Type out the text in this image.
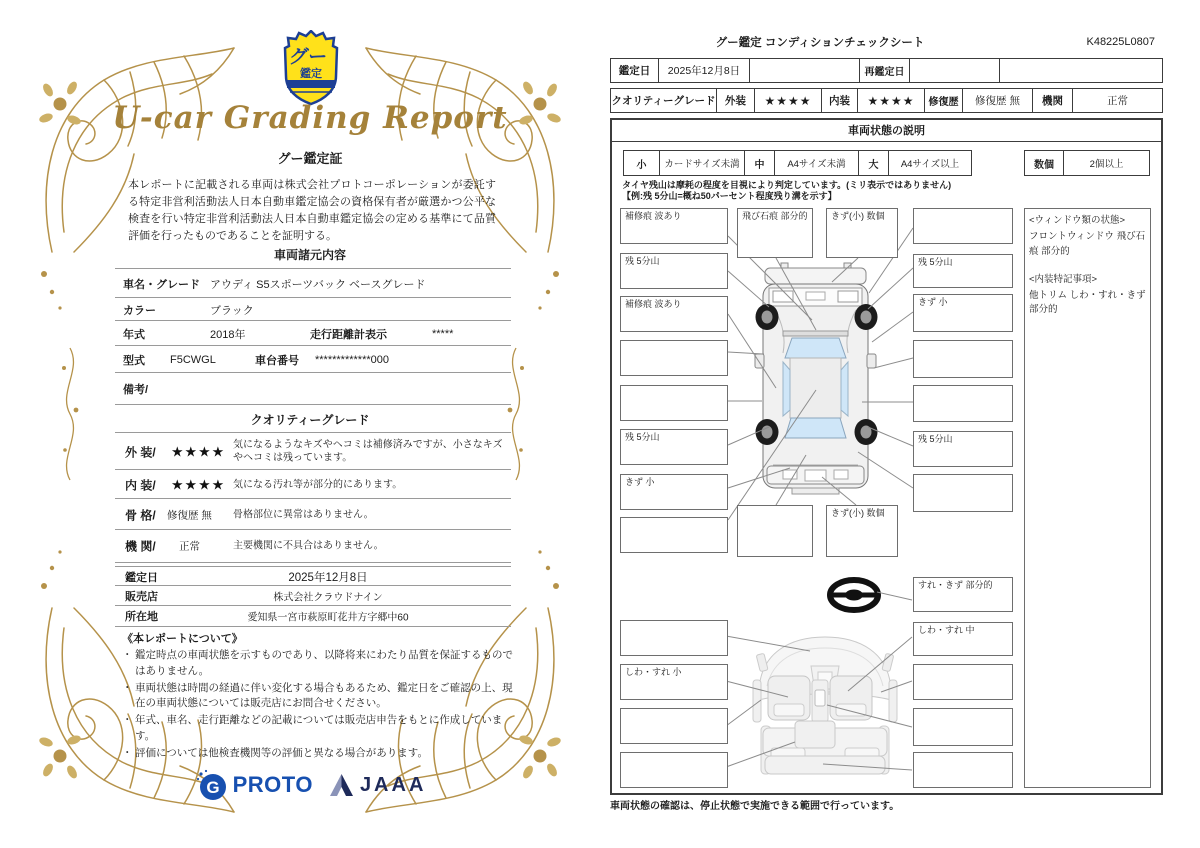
グー
鑑定
U-car Grading Report
グー鑑定証
本レポートに記載される車両は株式会社プロトコーポレーションが委託する特定非営利活動法人日本自動車鑑定協会の資格保有者が厳選かつ公平な検査を行い特定非営利活動法人日本自動車鑑定協会の定める基準にて品質評価を行ったものであることを証明する。
車両諸元内容
車名・グレード アウディ S5スポーツバック ベースグレード
カラー	ブラック
年式	2018年	走行距離計表示	*****
型式 F5CWGL	車台番号 *************000
備考/
クオリティーグレード
外 装/ ★★★★ 気になるようなキズやヘコミは補修済みですが、小さなキズやヘコミは残っています。
内 装/ ★★★★ 気になる汚れ等が部分的にあります。
骨 格/ 修復歴 無 骨格部位に異常はありません。
機 関/ 正常	主要機関に不具合はありません。
鑑定日	2025年12月8日
販売店	株式会社クラウドナイン
所在地	愛知県一宮市萩原町花井方字郷中60
《本レポートについて》
・ 鑑定時点の車両状態を示すものであり、以降将来にわたり品質を保証するものではありません。
・ 車両状態は時間の経過に伴い変化する場合もあるため、鑑定日をご確認の上、現在の車両状態については販売店にお問合せください。
・ 年式、車名、走行距離などの記載については販売店申告をもとに作成しています。
・ 評価については他検査機関等の評価と異なる場合があります。
G PROTO JAAA
グー鑑定 コンディションチェックシート	K48225L0807
鑑定日	2025年12月8日	再鑑定日
クオリティーグレード 外装	★★★★	内装	★★★★	修復歴	修復歴 無	機関	正常
車両状態の説明
小	カードサイズ未満	中	A4サイズ未満	大	A4サイズ以上	数個	2個以上
タイヤ残山は摩耗の程度を目視により判定しています。(ミリ表示ではありません)
【例:残 5分山=概ね50パーセント程度残り溝を示す】
補修痕 波あり
残 5分山
補修痕 波あり
残 5分山
きず 小
飛び石痕 部分的	きず(小) 数個
きず(小) 数個
残 5分山
きず 小
残 5分山
<ウィンドウ類の状態>
フロントウィンドウ 飛び石痕 部分的
<内装特記事項>
他トリム しわ・すれ・きず 部分的
しわ・すれ 小
すれ・きず 部分的
しわ・すれ 中
車両状態の確認は、停止状態で実施できる範囲で行っています。
